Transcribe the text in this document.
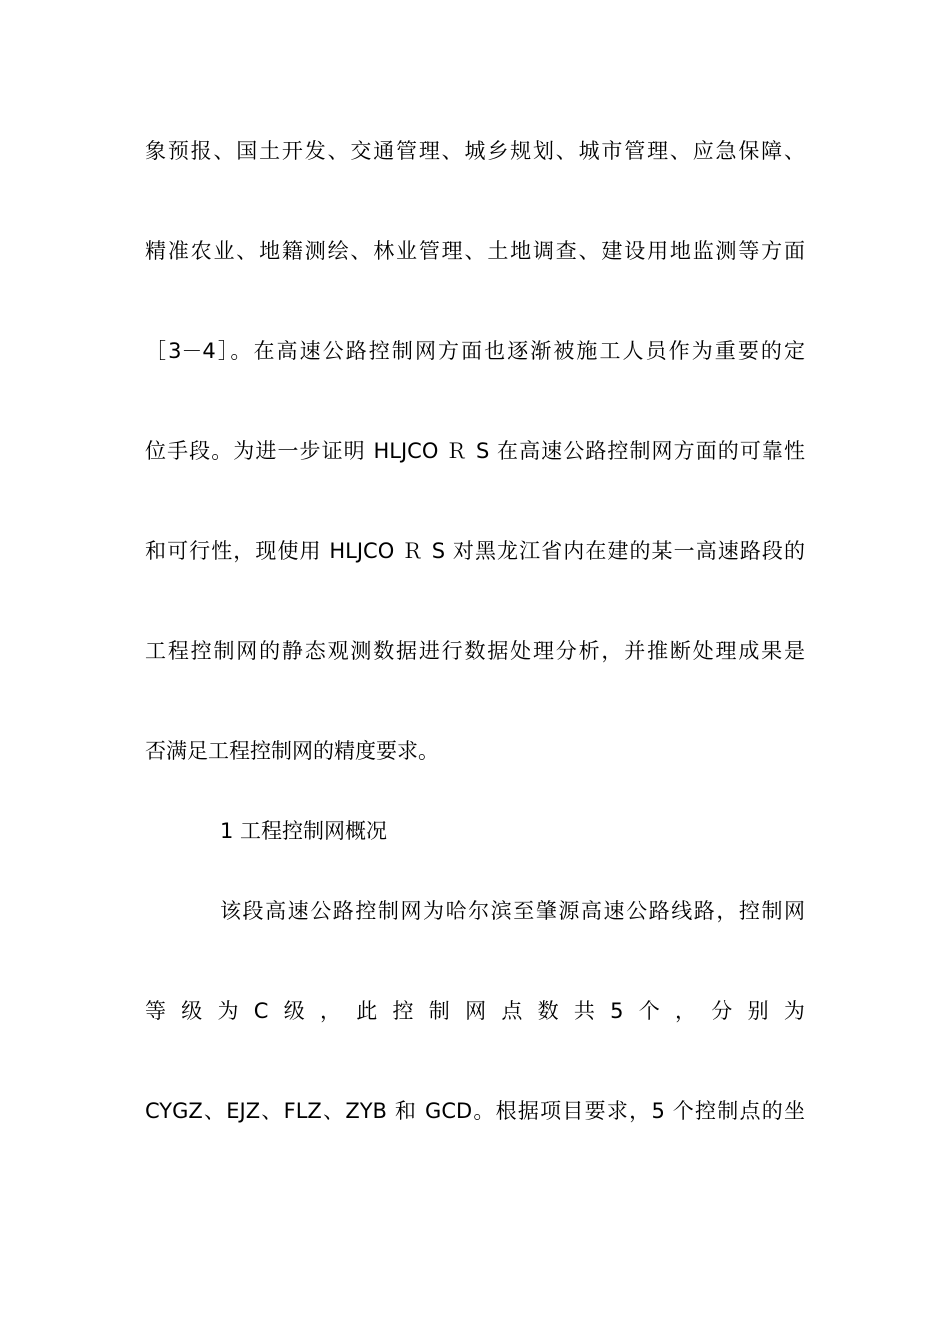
象预报、国土开发、交通管理、城乡规划、城市管理、应急保障、
精准农业、地籍测绘、林业管理、土地调查、建设用地监测等方面
［3－4］。在高速公路控制网方面也逐渐被施工人员作为重要的定
位手段。为进一步证明 HLJCO Ｒ S 在高速公路控制网方面的可靠性
和可行性，现使用 HLJCO Ｒ S 对黑龙江省内在建的某一高速路段的
工程控制网的静态观测数据进行数据处理分析，并推断处理成果是
否满足工程控制网的精度要求。
1 工程控制网概况
该段高速公路控制网为哈尔滨至肇源高速公路线路，控制网
等 级 为 C 级 ， 此 控 制 网 点 数 共 5 个 ， 分 别 为
CYGZ、EJZ、FLZ、ZYB 和 GCD。根据项目要求，5 个控制点的坐
